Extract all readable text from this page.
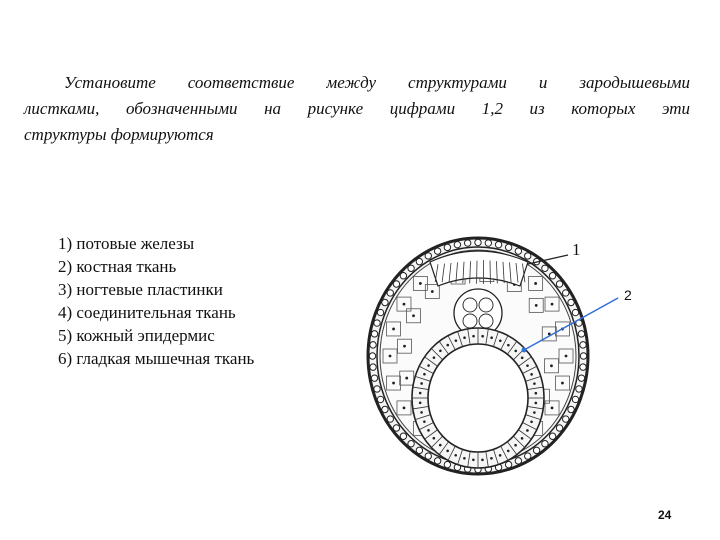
Установите соответствие между структурами и зародышевыми
листками, обозначенными на рисунке цифрами 1,2 из которых эти
структуры формируются
1) потовые железы
2) костная ткань
3) ногтевые пластинки
4) соединительная ткань
5) кожный эпидермис
6) гладкая мышечная ткань
1
2
24
